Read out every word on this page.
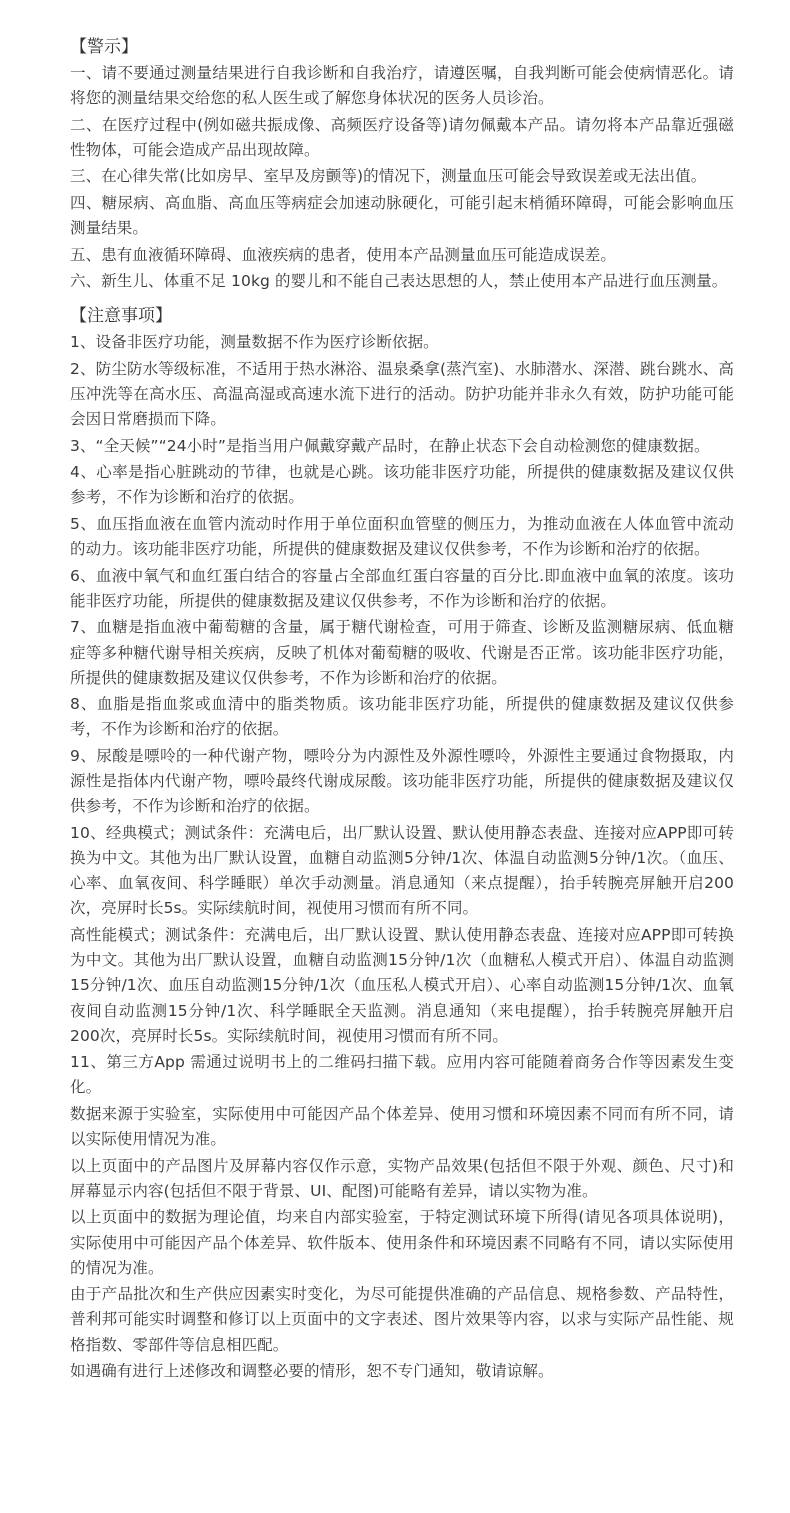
【警示】
一、请不要通过测量结果进行自我诊断和自我治疗，请遵医嘱，自我判断可能会使病情恶化。请将您的测量结果交给您的私人医生或了解您身体状况的医务人员诊治。
二、在医疗过程中(例如磁共振成像、高频医疗设备等)请勿佩戴本产品。请勿将本产品靠近强磁性物体，可能会造成产品出现故障。
三、在心律失常(比如房早、室早及房颤等)的情况下，测量血压可能会导致误差或无法出值。
四、糖尿病、高血脂、高血压等病症会加速动脉硬化，可能引起末梢循环障碍，可能会影响血压测量结果。
五、患有血液循环障碍、血液疾病的患者，使用本产品测量血压可能造成误差。
六、新生儿、体重不足 10kg 的婴儿和不能自己表达思想的人，禁止使用本产品进行血压测量。
【注意事项】
1、设备非医疗功能，测量数据不作为医疗诊断依据。
2、防尘防水等级标准，不适用于热水淋浴、温泉桑拿(蒸汽室)、水肺潜水、深潜、跳台跳水、高压冲洗等在高水压、高温高湿或高速水流下进行的活动。防护功能并非永久有效，防护功能可能会因日常磨损而下降。
3、“全天候”“24小时”是指当用户佩戴穿戴产品时，在静止状态下会自动检测您的健康数据。
4、心率是指心脏跳动的节律，也就是心跳。该功能非医疗功能，所提供的健康数据及建议仅供参考，不作为诊断和治疗的依据。
5、血压指血液在血管内流动时作用于单位面积血管壁的侧压力，为推动血液在人体血管中流动的动力。该功能非医疗功能，所提供的健康数据及建议仅供参考，不作为诊断和治疗的依据。
6、血液中氧气和血红蛋白结合的容量占全部血红蛋白容量的百分比.即血液中血氧的浓度。该功能非医疗功能，所提供的健康数据及建议仅供参考，不作为诊断和治疗的依据。
7、血糖是指血液中葡萄糖的含量，属于糖代谢检查，可用于筛查、诊断及监测糖尿病、低血糖症等多种糖代谢导相关疾病，反映了机体对葡萄糖的吸收、代谢是否正常。该功能非医疗功能，所提供的健康数据及建议仅供参考，不作为诊断和治疗的依据。
8、血脂是指血浆或血清中的脂类物质。该功能非医疗功能，所提供的健康数据及建议仅供参考，不作为诊断和治疗的依据。
9、尿酸是嘌呤的一种代谢产物，嘌呤分为内源性及外源性嘌呤，外源性主要通过食物摄取，内源性是指体内代谢产物，嘌呤最终代谢成尿酸。该功能非医疗功能，所提供的健康数据及建议仅供参考，不作为诊断和治疗的依据。
10、经典模式；测试条件：充满电后，出厂默认设置、默认使用静态表盘、连接对应APP即可转换为中文。其他为出厂默认设置，血糖自动监测5分钟/1次、体温自动监测5分钟/1次。（血压、心率、血氧夜间、科学睡眠）单次手动测量。消息通知（来点提醒），抬手转腕亮屏触开启200次，亮屏时长5s。实际续航时间，视使用习惯而有所不同。
高性能模式；测试条件：充满电后，出厂默认设置、默认使用静态表盘、连接对应APP即可转换为中文。其他为出厂默认设置，血糖自动监测15分钟/1次（血糖私人模式开启）、体温自动监测15分钟/1次、血压自动监测15分钟/1次（血压私人模式开启）、心率自动监测15分钟/1次、血氧夜间自动监测15分钟/1次、科学睡眠全天监测。消息通知（来电提醒），抬手转腕亮屏触开启200次，亮屏时长5s。实际续航时间，视使用习惯而有所不同。
11、第三方App 需通过说明书上的二维码扫描下载。应用内容可能随着商务合作等因素发生变化。
数据来源于实验室，实际使用中可能因产品个体差异、使用习惯和环境因素不同而有所不同，请以实际使用情况为准。
以上页面中的产品图片及屏幕内容仅作示意，实物产品效果(包括但不限于外观、颜色、尺寸)和屏幕显示内容(包括但不限于背景、UI、配图)可能略有差异，请以实物为准。
以上页面中的数据为理论值，均来自内部实验室，于特定测试环境下所得(请见各项具体说明)，实际使用中可能因产品个体差异、软件版本、使用条件和环境因素不同略有不同，请以实际使用的情况为准。
由于产品批次和生产供应因素实时变化，为尽可能提供准确的产品信息、规格参数、产品特性，普利邦可能实时调整和修订以上页面中的文字表述、图片效果等内容，以求与实际产品性能、规格指数、零部件等信息相匹配。
如遇确有进行上述修改和调整必要的情形，恕不专门通知，敬请谅解。
